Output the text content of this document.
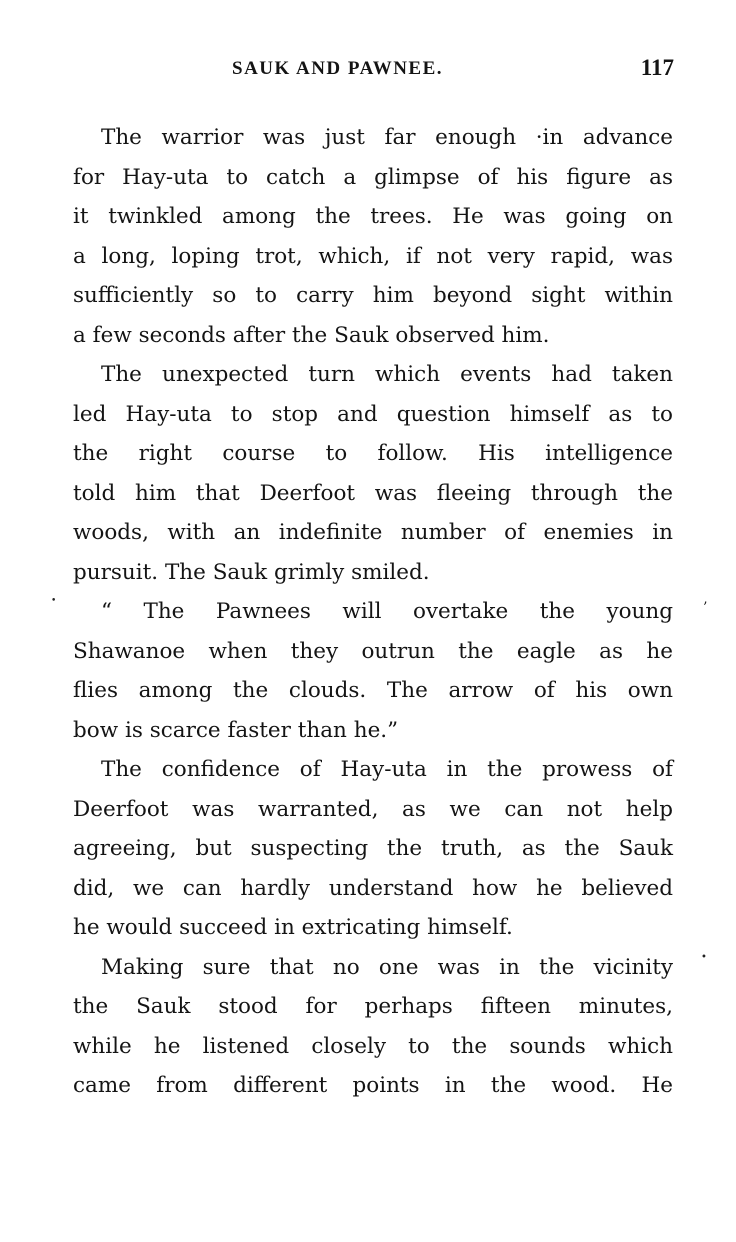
SAUK AND PAWNEE.	117
The warrior was just far enough ·in advance
for Hay-uta to catch a glimpse of his figure as
it twinkled among the trees. He was going on
a long, loping trot, which, if not very rapid, was
sufficiently so to carry him beyond sight within
a few seconds after the Sauk observed him.
The unexpected turn which events had taken
led Hay-uta to stop and question himself as to
the right course to follow. His intelligence
told him that Deerfoot was fleeing through the
woods, with an indefinite number of enemies in
pursuit. The Sauk grimly smiled.
“ The Pawnees will overtake the young
Shawanoe when they outrun the eagle as he
flies among the clouds. The arrow of his own
bow is scarce faster than he.”
The confidence of Hay-uta in the prowess of
Deerfoot was warranted, as we can not help
agreeing, but suspecting the truth, as the Sauk
did, we can hardly understand how he believed
he would succeed in extricating himself.
Making sure that no one was in the vicinity
the Sauk stood for perhaps fifteen minutes,
while he listened closely to the sounds which
came from different points in the wood. He
’
•
•
